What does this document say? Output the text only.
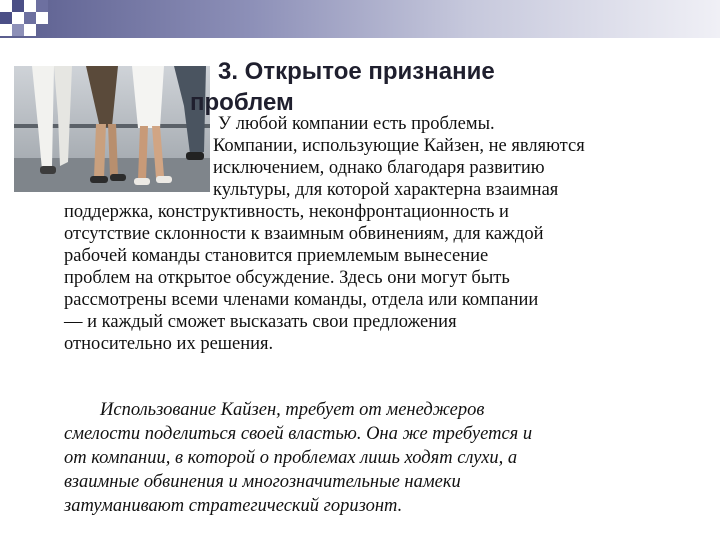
3. Открытое признание
проблем
У любой компании есть проблемы.
Компании, использующие Кайзен, не являются
исключением, однако благодаря развитию
культуры, для которой характерна взаимная
поддержка, конструктивность, неконфронтационность и
отсутствие склонности к взаимным обвинениям, для каждой
рабочей команды становится приемлемым вынесение
проблем на открытое обсуждение. Здесь они могут быть
рассмотрены всеми членами команды, отдела или компании
— и каждый сможет высказать свои предложения
относительно их решения.
Использование Кайзен, требует от менеджеров
смелости поделиться своей властью. Она же требуется и
от компании, в которой о проблемах лишь ходят слухи, а
взаимные обвинения и многозначительные намеки
затуманивают стратегический горизонт.
